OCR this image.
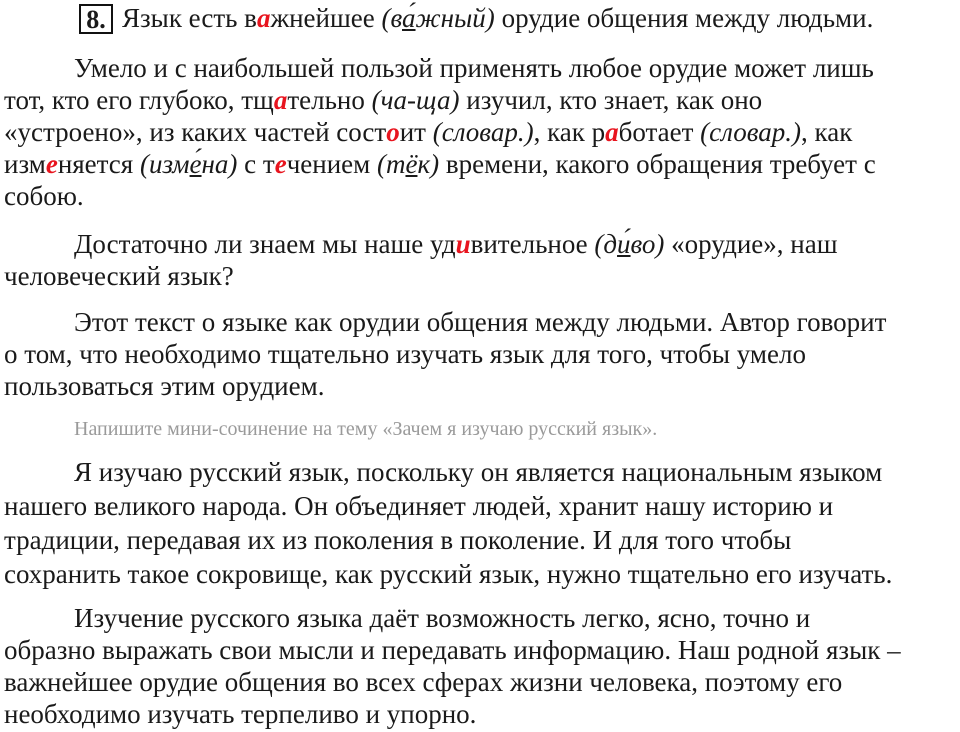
8. Язык есть важнейшее (ва́жный) орудие общения между людьми.
Умело и с наибольшей пользой применять любое орудие может лишь
тот, кто его глубоко, тщательно (ча-ща) изучил, кто знает, как оно
«устроено», из каких частей состоит (словар.), как работает (словар.), как
изменяется (изме́на) с течением (тёк) времени, какого обращения требует с
собою.
Достаточно ли знаем мы наше удивительное (ди́во) «орудие», наш
человеческий язык?
Этот текст о языке как орудии общения между людьми. Автор говорит
о том, что необходимо тщательно изучать язык для того, чтобы умело
пользоваться этим орудием.
Напишите мини-сочинение на тему «Зачем я изучаю русский язык».
Я изучаю русский язык, поскольку он является национальным языком
нашего великого народа. Он объединяет людей, хранит нашу историю и
традиции, передавая их из поколения в поколение. И для того чтобы
сохранить такое сокровище, как русский язык, нужно тщательно его изучать.
Изучение русского языка даёт возможность легко, ясно, точно и
образно выражать свои мысли и передавать информацию. Наш родной язык –
важнейшее орудие общения во всех сферах жизни человека, поэтому его
необходимо изучать терпеливо и упорно.
